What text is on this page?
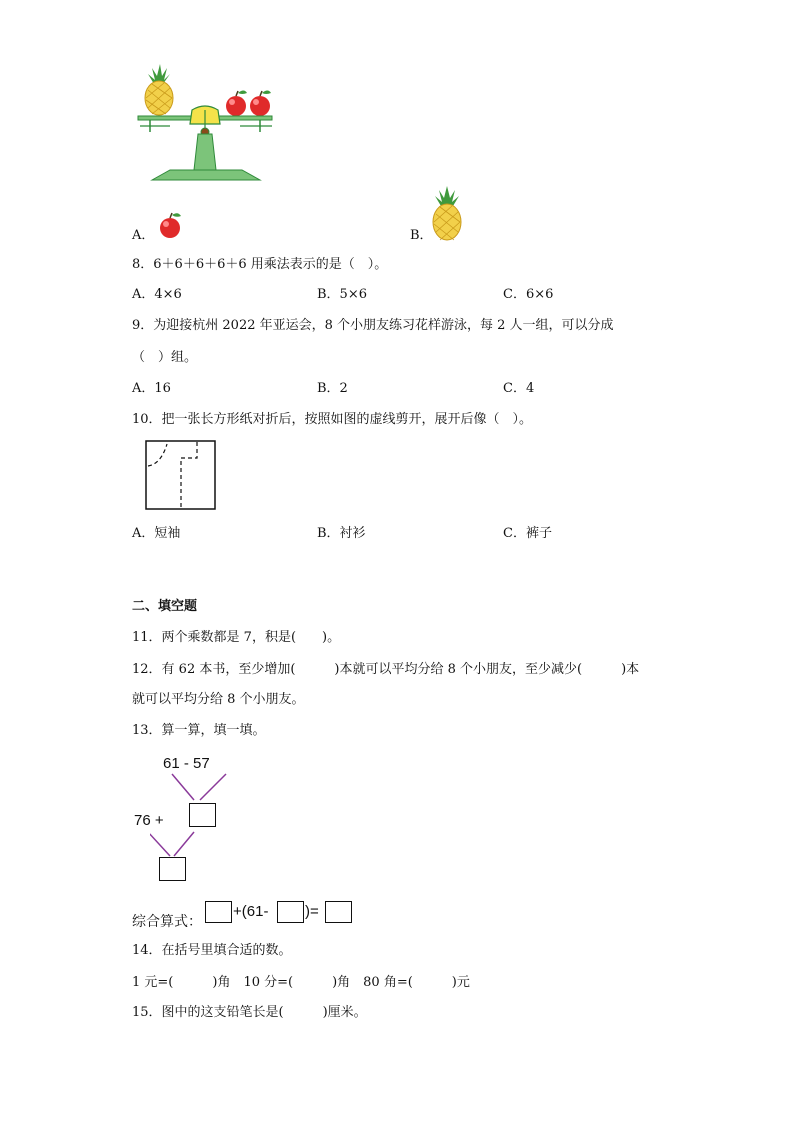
A．	B．
8．6＋6＋6＋6＋6 用乘法表示的是（　）。
A．4×6	B．5×6	C．6×6
9．为迎接杭州 2022 年亚运会，8 个小朋友练习花样游泳，每 2 人一组，可以分成
（　）组。
A．16	B．2	C．4
10．把一张长方形纸对折后，按照如图的虚线剪开，展开后像（　）。
A．短袖	B．衬衫	C．裤子
二、填空题
11．两个乘数都是 7，积是(　　)。
12．有 62 本书，至少增加(　　　)本就可以平均分给 8 个小朋友，至少减少(　　　)本
就可以平均分给 8 个小朋友。
13．算一算，填一填。
61 - 57
76 +
综合算式：
+(61- )=
14．在括号里填合适的数。
1 元=(　　　)角　10 分=(　　　)角　80 角=(　　　)元
15．图中的这支铅笔长是(　　　)厘米。
